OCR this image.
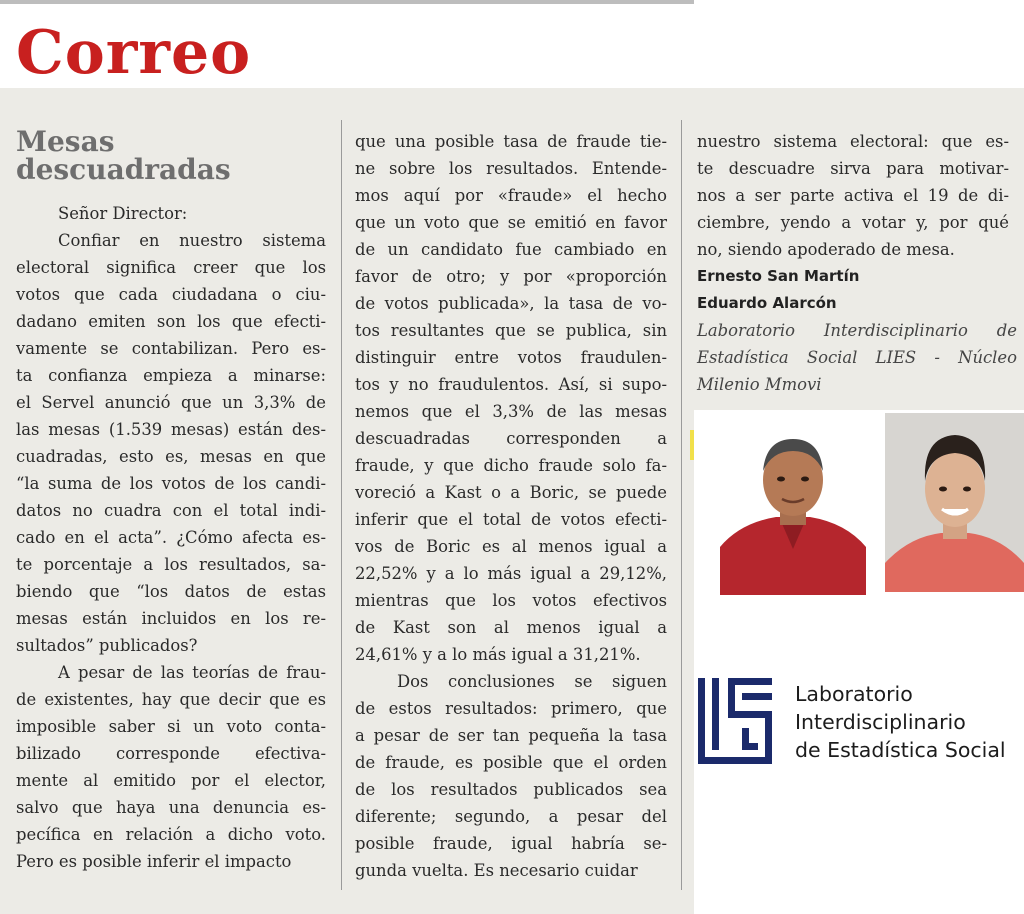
Correo
Mesas
descuadradas
Señor Director:
Confiar en nuestro sistema
electoral significa creer que los
votos que cada ciudadana o ciu-
dadano emiten son los que efecti-
vamente se contabilizan. Pero es-
ta confianza empieza a minarse:
el Servel anunció que un 3,3% de
las mesas (1.539 mesas) están des-
cuadradas, esto es, mesas en que
“la suma de los votos de los candi-
datos no cuadra con el total indi-
cado en el acta”. ¿Cómo afecta es-
te porcentaje a los resultados, sa-
biendo que “los datos de estas
mesas están incluidos en los re-
sultados” publicados?
A pesar de las teorías de frau-
de existentes, hay que decir que es
imposible saber si un voto conta-
bilizado corresponde efectiva-
mente al emitido por el elector,
salvo que haya una denuncia es-
pecífica en relación a dicho voto.
Pero es posible inferir el impacto
que una posible tasa de fraude tie-
ne sobre los resultados. Entende-
mos aquí por «fraude» el hecho
que un voto que se emitió en favor
de un candidato fue cambiado en
favor de otro; y por «proporción
de votos publicada», la tasa de vo-
tos resultantes que se publica, sin
distinguir entre votos fraudulen-
tos y no fraudulentos. Así, si supo-
nemos que el 3,3% de las mesas
descuadradas corresponden a
fraude, y que dicho fraude solo fa-
voreció a Kast o a Boric, se puede
inferir que el total de votos efecti-
vos de Boric es al menos igual a
22,52% y a lo más igual a 29,12%,
mientras que los votos efectivos
de Kast son al menos igual a
24,61% y a lo más igual a 31,21%.
Dos conclusiones se siguen
de estos resultados: primero, que
a pesar de ser tan pequeña la tasa
de fraude, es posible que el orden
de los resultados publicados sea
diferente; segundo, a pesar del
posible fraude, igual habría se-
gunda vuelta. Es necesario cuidar
nuestro sistema electoral: que es-
te descuadre sirva para motivar-
nos a ser parte activa el 19 de di-
ciembre, yendo a votar y, por qué
no, siendo apoderado de mesa.
Ernesto San Martín
Eduardo Alarcón
Laboratorio Interdisciplinario de
Estadística Social LIES - Núcleo
Milenio Mmovi
Laboratorio
Interdisciplinario
de Estadística Social
